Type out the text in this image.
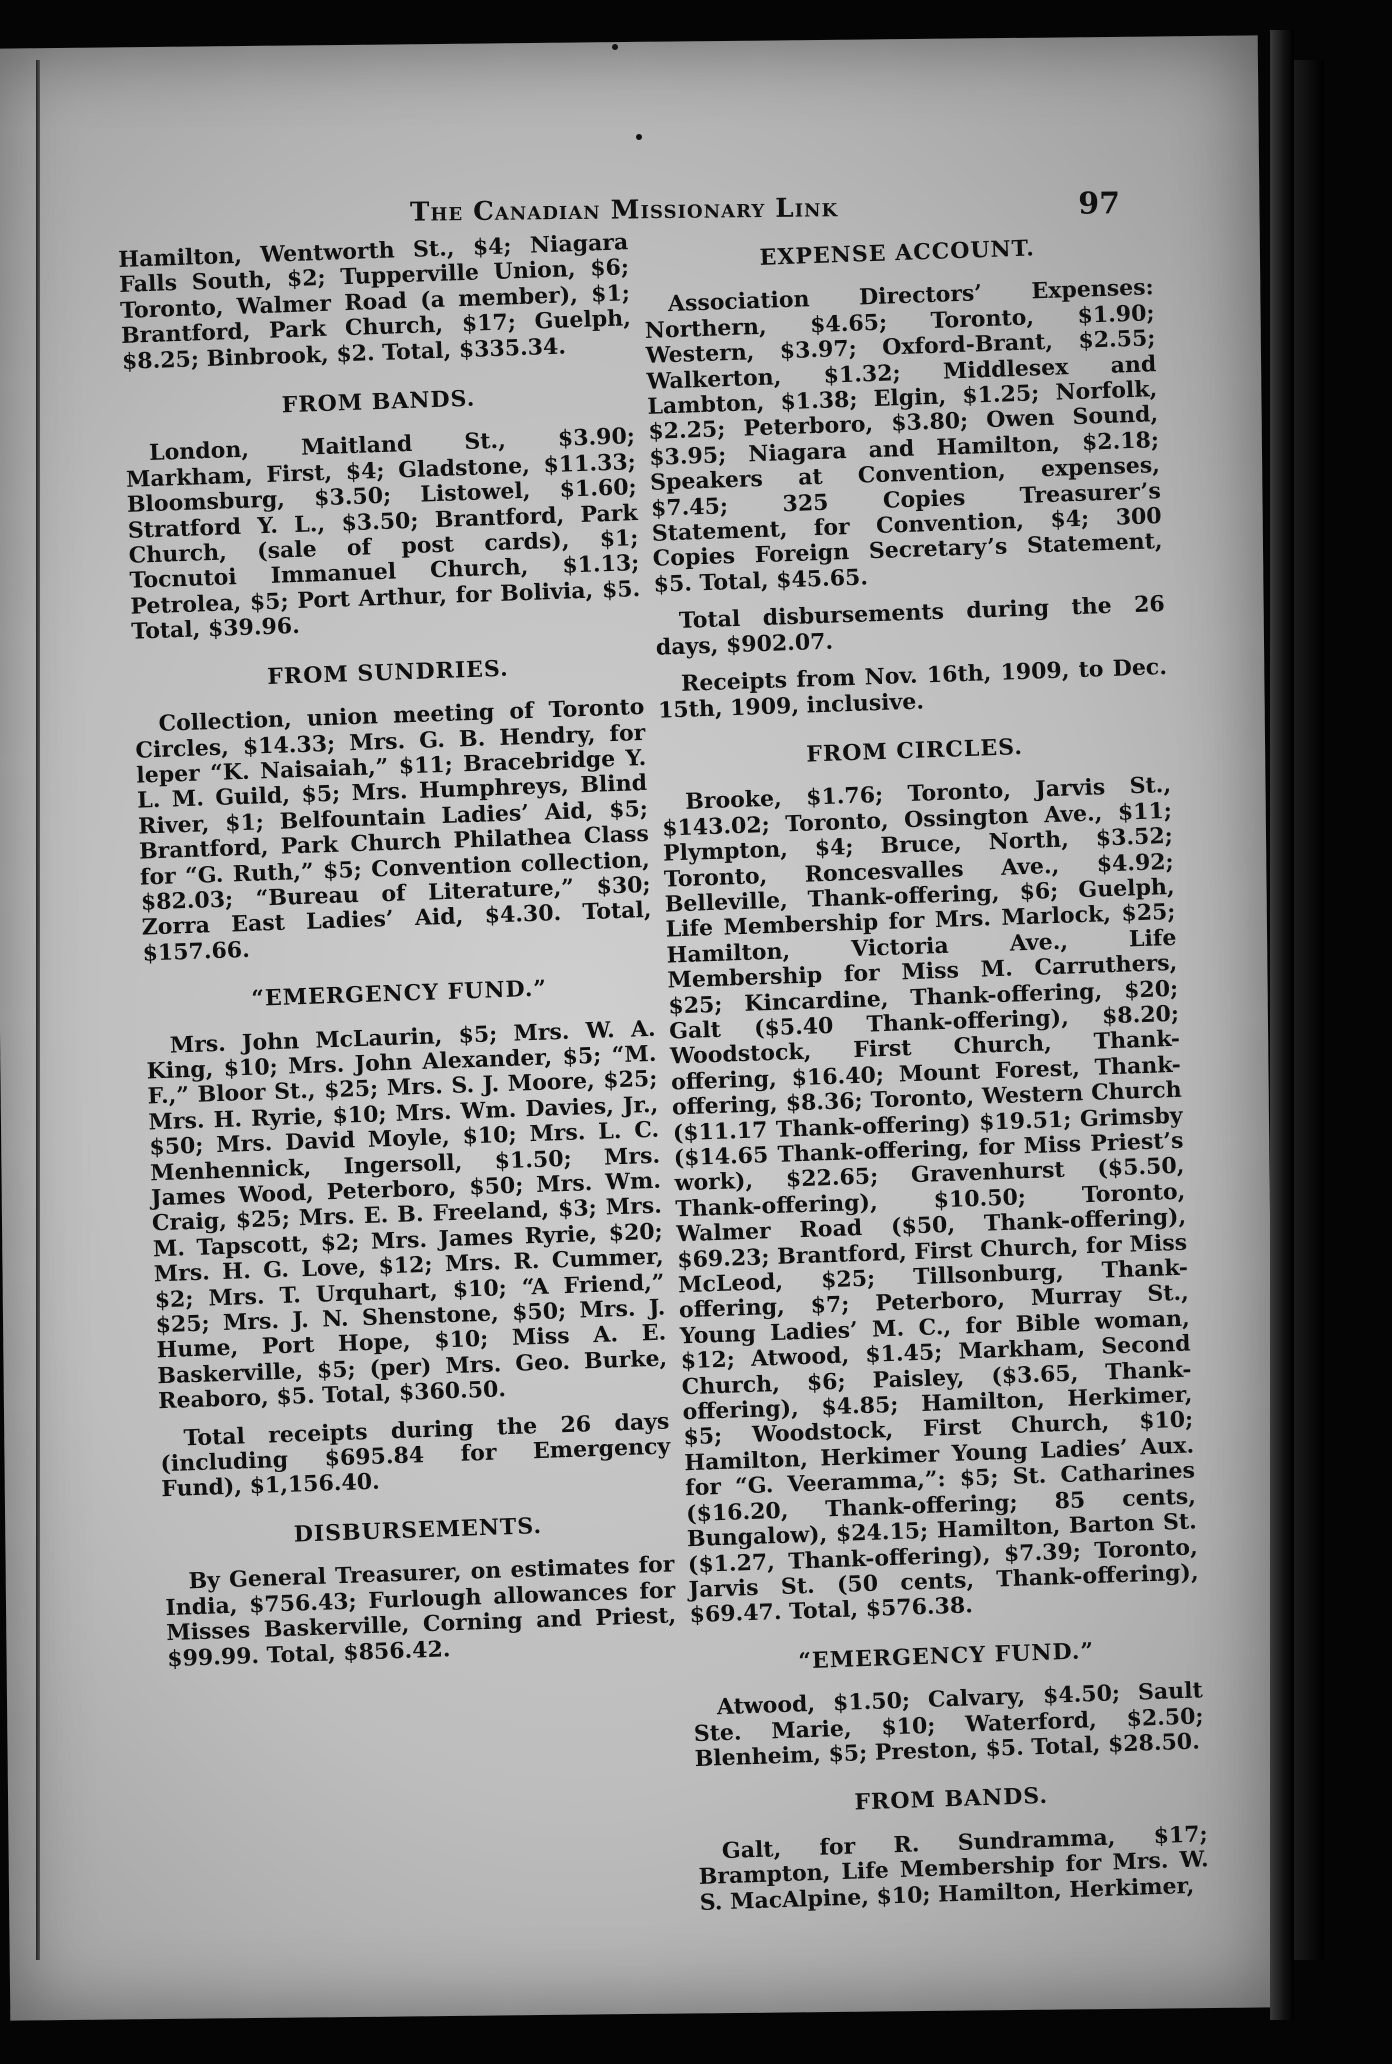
The Canadian Missionary Link	97

Hamilton, Wentworth St., $4; Niagara Falls South, $2; Tupperville Union, $6; Toronto, Walmer Road (a member), $1; Brantford, Park Church, $17; Guelph, $8.25; Binbrook, $2. Total, $335.34.

FROM BANDS.

London, Maitland St., $3.90; Markham, First, $4; Gladstone, $11.33; Bloomsburg, $3.50; Listowel, $1.60; Stratford Y. L., $3.50; Brantford, Park Church, (sale of post cards), $1; Tocnutoi Immanuel Church, $1.13; Petrolea, $5; Port Arthur, for Bolivia, $5. Total, $39.96.

FROM SUNDRIES.

Collection, union meeting of Toronto Circles, $14.33; Mrs. G. B. Hendry, for leper “K. Naisaiah,” $11; Bracebridge Y. L. M. Guild, $5; Mrs. Humphreys, Blind River, $1; Belfountain Ladies’ Aid, $5; Brantford, Park Church Philathea Class for “G. Ruth,” $5; Convention collection, $82.03; “Bureau of Literature,” $30; Zorra East Ladies’ Aid, $4.30. Total, $157.66.

“EMERGENCY FUND.”

Mrs. John McLaurin, $5; Mrs. W. A. King, $10; Mrs. John Alexander, $5; “M. F.,” Bloor St., $25; Mrs. S. J. Moore, $25; Mrs. H. Ryrie, $10; Mrs. Wm. Davies, Jr., $50; Mrs. David Moyle, $10; Mrs. L. C. Menhennick, Ingersoll, $1.50; Mrs. James Wood, Peterboro, $50; Mrs. Wm. Craig, $25; Mrs. E. B. Freeland, $3; Mrs. M. Tapscott, $2; Mrs. James Ryrie, $20; Mrs. H. G. Love, $12; Mrs. R. Cummer, $2; Mrs. T. Urquhart, $10; “A Friend,” $25; Mrs. J. N. Shenstone, $50; Mrs. J. Hume, Port Hope, $10; Miss A. E. Baskerville, $5; (per) Mrs. Geo. Burke, Reaboro, $5. Total, $360.50.

Total receipts during the 26 days (including $695.84 for Emergency Fund), $1,156.40.

DISBURSEMENTS.

By General Treasurer, on estimates for India, $756.43; Furlough allowances for Misses Baskerville, Corning and Priest, $99.99. Total, $856.42.

EXPENSE ACCOUNT.

Association Directors’ Expenses: Northern, $4.65; Toronto, $1.90; Western, $3.97; Oxford-Brant, $2.55; Walkerton, $1.32; Middlesex and Lambton, $1.38; Elgin, $1.25; Norfolk, $2.25; Peterboro, $3.80; Owen Sound, $3.95; Niagara and Hamilton, $2.18; Speakers at Convention, expenses, $7.45; 325 Copies Treasurer’s Statement, for Convention, $4; 300 Copies Foreign Secretary’s Statement, $5. Total, $45.65.

Total disbursements during the 26 days, $902.07.

Receipts from Nov. 16th, 1909, to Dec. 15th, 1909, inclusive.

FROM CIRCLES.

Brooke, $1.76; Toronto, Jarvis St., $143.02; Toronto, Ossington Ave., $11; Plympton, $4; Bruce, North, $3.52; Toronto, Roncesvalles Ave., $4.92; Belleville, Thank-offering, $6; Guelph, Life Membership for Mrs. Marlock, $25; Hamilton, Victoria Ave., Life Membership for Miss M. Carruthers, $25; Kincardine, Thank-offering, $20; Galt ($5.40 Thank-offering), $8.20; Woodstock, First Church, Thank-offering, $16.40; Mount Forest, Thank-offering, $8.36; Toronto, Western Church ($11.17 Thank-offering) $19.51; Grimsby ($14.65 Thank-offering, for Miss Priest’s work), $22.65; Gravenhurst ($5.50, Thank-offering), $10.50; Toronto, Walmer Road ($50, Thank-offering), $69.23; Brantford, First Church, for Miss McLeod, $25; Tillsonburg, Thank-offering, $7; Peterboro, Murray St., Young Ladies’ M. C., for Bible woman, $12; Atwood, $1.45; Markham, Second Church, $6; Paisley, ($3.65, Thank-offering), $4.85; Hamilton, Herkimer, $5; Woodstock, First Church, $10; Hamilton, Herkimer Young Ladies’ Aux. for “G. Veeramma,”: $5; St. Catharines ($16.20, Thank-offering; 85 cents, Bungalow), $24.15; Hamilton, Barton St. ($1.27, Thank-offering), $7.39; Toronto, Jarvis St. (50 cents, Thank-offering), $69.47. Total, $576.38.

“EMERGENCY FUND.”

Atwood, $1.50; Calvary, $4.50; Sault Ste. Marie, $10; Waterford, $2.50; Blenheim, $5; Preston, $5. Total, $28.50.

FROM BANDS.

Galt, for R. Sundramma, $17; Brampton, Life Membership for Mrs. W. S. MacAlpine, $10; Hamilton, Herkimer,
